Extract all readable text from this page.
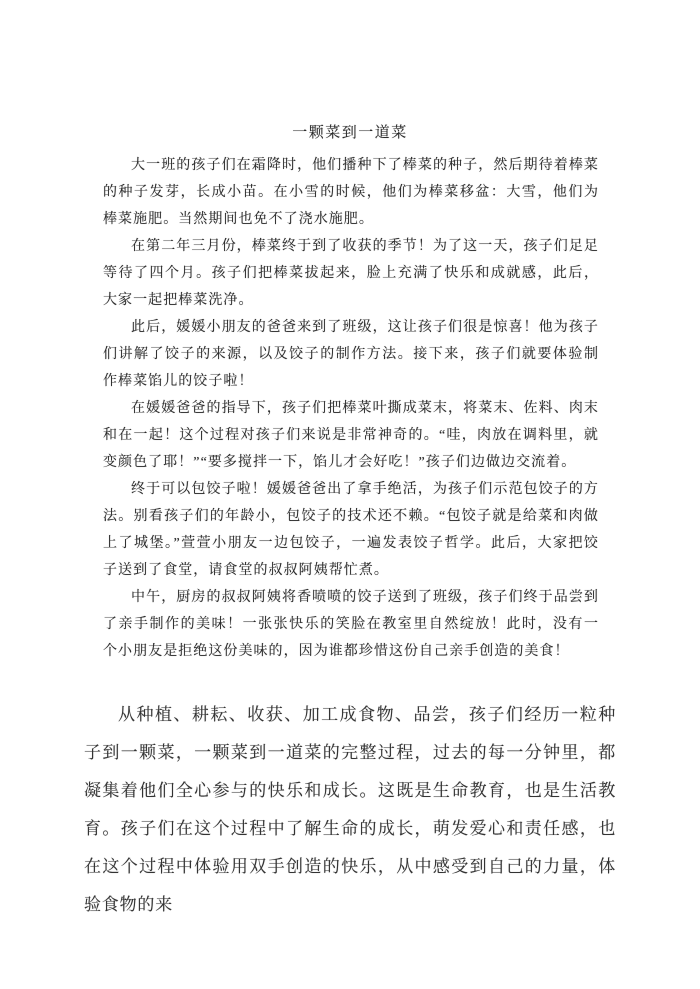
一颗菜到一道菜

大一班的孩子们在霜降时，他们播种下了棒菜的种子，然后期待着棒菜的种子发芽，长成小苗。在小雪的时候，他们为棒菜移盆：大雪，他们为棒菜施肥。当然期间也免不了浇水施肥。

在第二年三月份，棒菜终于到了收获的季节！为了这一天，孩子们足足等待了四个月。孩子们把棒菜拔起来，脸上充满了快乐和成就感，此后，大家一起把棒菜洗净。

此后，媛媛小朋友的爸爸来到了班级，这让孩子们很是惊喜！他为孩子们讲解了饺子的来源，以及饺子的制作方法。接下来，孩子们就要体验制作棒菜馅儿的饺子啦！

在媛媛爸爸的指导下，孩子们把棒菜叶撕成菜末，将菜末、佐料、肉末和在一起！这个过程对孩子们来说是非常神奇的。“哇，肉放在调料里，就变颜色了耶！”“要多搅拌一下，馅儿才会好吃！”孩子们边做边交流着。

终于可以包饺子啦！媛媛爸爸出了拿手绝活，为孩子们示范包饺子的方法。别看孩子们的年龄小，包饺子的技术还不赖。“包饺子就是给菜和肉做上了城堡。”萱萱小朋友一边包饺子，一遍发表饺子哲学。此后，大家把饺子送到了食堂，请食堂的叔叔阿姨帮忙煮。

中午，厨房的叔叔阿姨将香喷喷的饺子送到了班级，孩子们终于品尝到了亲手制作的美味！一张张快乐的笑脸在教室里自然绽放！此时，没有一个小朋友是拒绝这份美味的，因为谁都珍惜这份自己亲手创造的美食！

从种植、耕耘、收获、加工成食物、品尝，孩子们经历一粒种子到一颗菜，一颗菜到一道菜的完整过程，过去的每一分钟里，都凝集着他们全心参与的快乐和成长。这既是生命教育，也是生活教育。孩子们在这个过程中了解生命的成长，萌发爱心和责任感，也在这个过程中体验用双手创造的快乐，从中感受到自己的力量，体验食物的来
